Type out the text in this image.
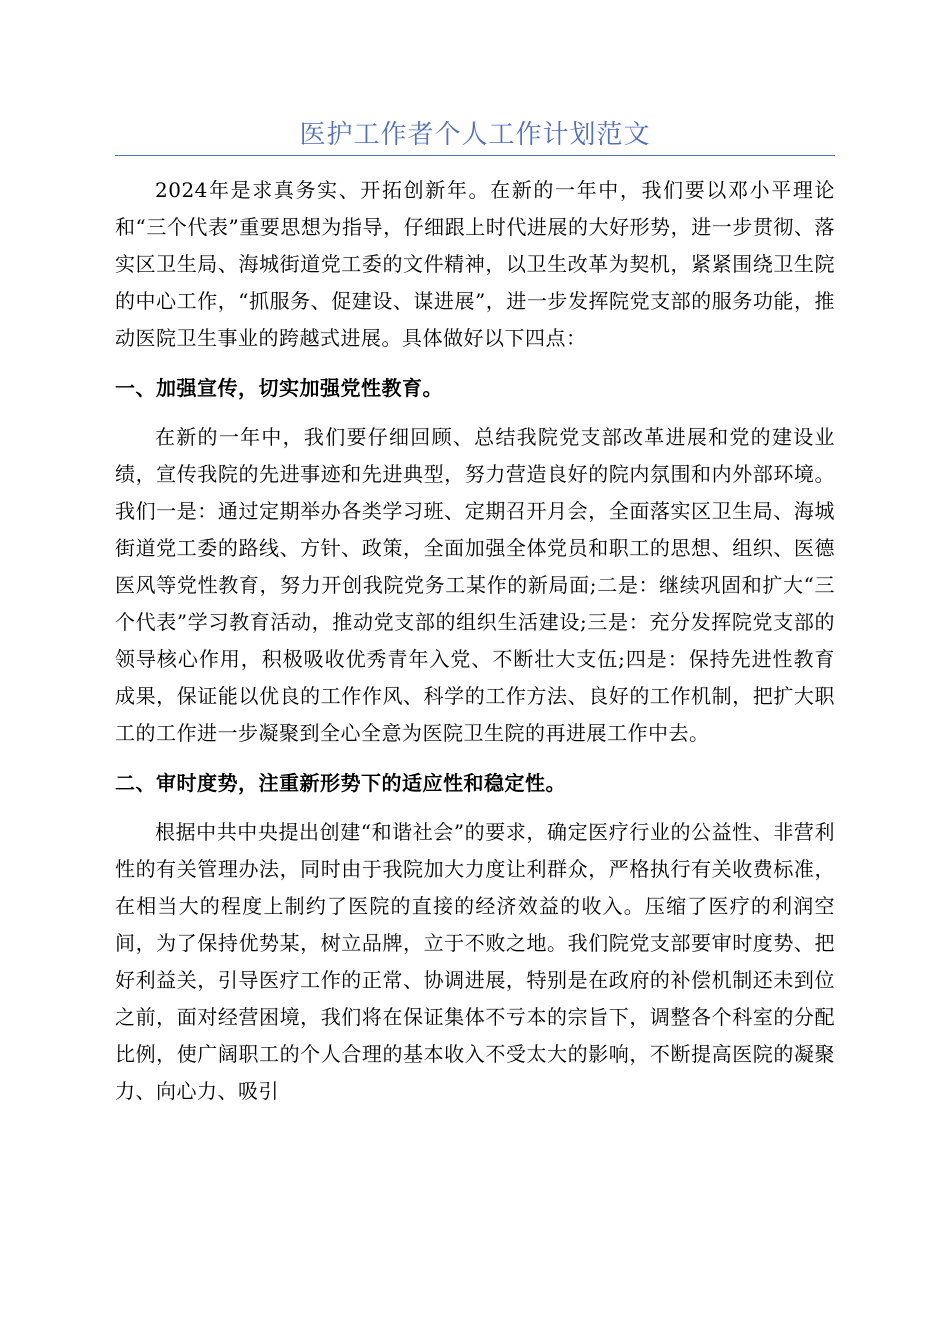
医护工作者个人工作计划范文

2024年是求真务实、开拓创新年。在新的一年中，我们要以邓小平理论和“三个代表”重要思想为指导，仔细跟上时代进展的大好形势，进一步贯彻、落实区卫生局、海城街道党工委的文件精神，以卫生改革为契机，紧紧围绕卫生院的中心工作，“抓服务、促建设、谋进展”，进一步发挥院党支部的服务功能，推动医院卫生事业的跨越式进展。具体做好以下四点：

一、加强宣传，切实加强党性教育。

在新的一年中，我们要仔细回顾、总结我院党支部改革进展和党的建设业绩，宣传我院的先进事迹和先进典型，努力营造良好的院内氛围和内外部环境。我们一是：通过定期举办各类学习班、定期召开月会，全面落实区卫生局、海城街道党工委的路线、方针、政策，全面加强全体党员和职工的思想、组织、医德医风等党性教育，努力开创我院党务工某作的新局面;二是：继续巩固和扩大“三个代表”学习教育活动，推动党支部的组织生活建设;三是：充分发挥院党支部的领导核心作用，积极吸收优秀青年入党、不断壮大支伍;四是：保持先进性教育成果，保证能以优良的工作作风、科学的工作方法、良好的工作机制，把扩大职工的工作进一步凝聚到全心全意为医院卫生院的再进展工作中去。

二、审时度势，注重新形势下的适应性和稳定性。

根据中共中央提出创建“和谐社会”的要求，确定医疗行业的公益性、非营利性的有关管理办法，同时由于我院加大力度让利群众，严格执行有关收费标准，在相当大的程度上制约了医院的直接的经济效益的收入。压缩了医疗的利润空间，为了保持优势某，树立品牌，立于不败之地。我们院党支部要审时度势、把好利益关，引导医疗工作的正常、协调进展，特别是在政府的补偿机制还未到位之前，面对经营困境，我们将在保证集体不亏本的宗旨下，调整各个科室的分配比例，使广阔职工的个人合理的基本收入不受太大的影响，不断提高医院的凝聚力、向心力、吸引
